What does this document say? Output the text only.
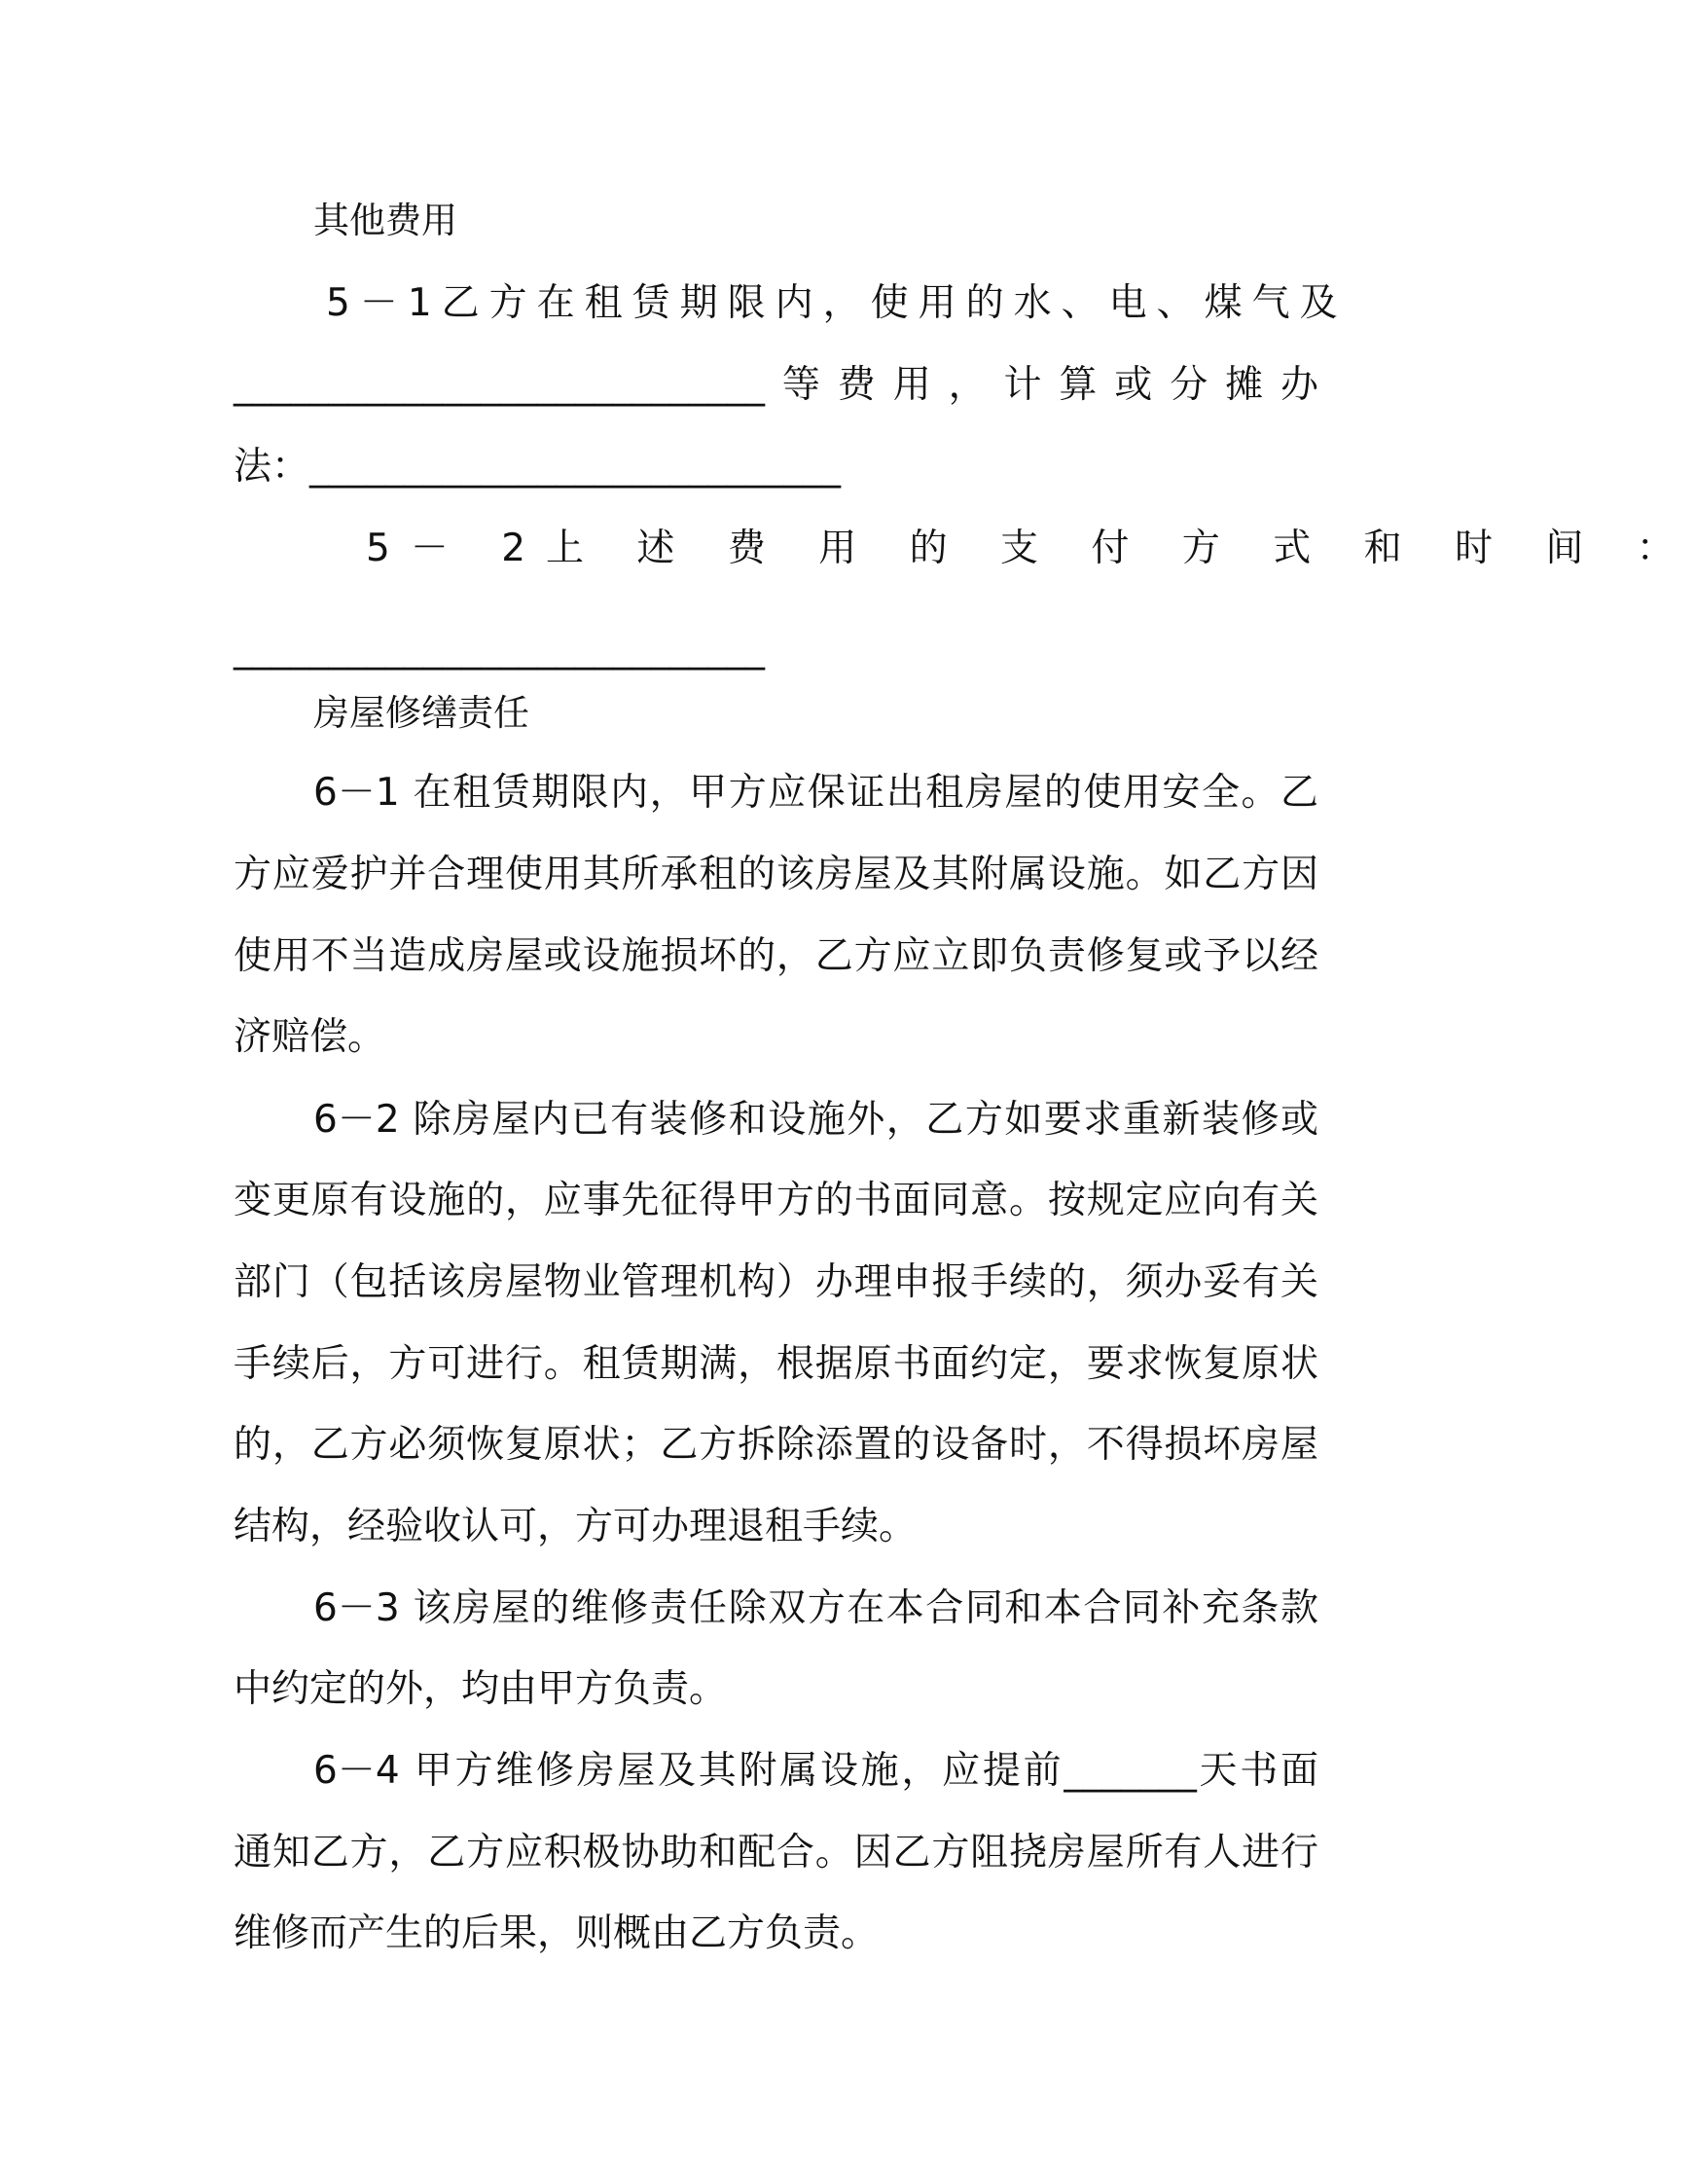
其他费用
5－1乙方在租赁期限内，使用的水、电、煤气及
____________________________等费用，计算或分摊办
法：____________________________
5－ 2上 述 费 用 的 支 付 方 式 和 时 间 ：
____________________________
房屋修缮责任
6－1 在租赁期限内，甲方应保证出租房屋的使用安全。乙
方应爱护并合理使用其所承租的该房屋及其附属设施。如乙方因
使用不当造成房屋或设施损坏的，乙方应立即负责修复或予以经
济赔偿。
6－2 除房屋内已有装修和设施外，乙方如要求重新装修或
变更原有设施的，应事先征得甲方的书面同意。按规定应向有关
部门（包括该房屋物业管理机构）办理申报手续的，须办妥有关
手续后，方可进行。租赁期满，根据原书面约定，要求恢复原状
的，乙方必须恢复原状；乙方拆除添置的设备时，不得损坏房屋
结构，经验收认可，方可办理退租手续。
6－3 该房屋的维修责任除双方在本合同和本合同补充条款
中约定的外，均由甲方负责。
6－4 甲方维修房屋及其附属设施，应提前_______天书面
通知乙方，乙方应积极协助和配合。因乙方阻挠房屋所有人进行
维修而产生的后果，则概由乙方负责。
